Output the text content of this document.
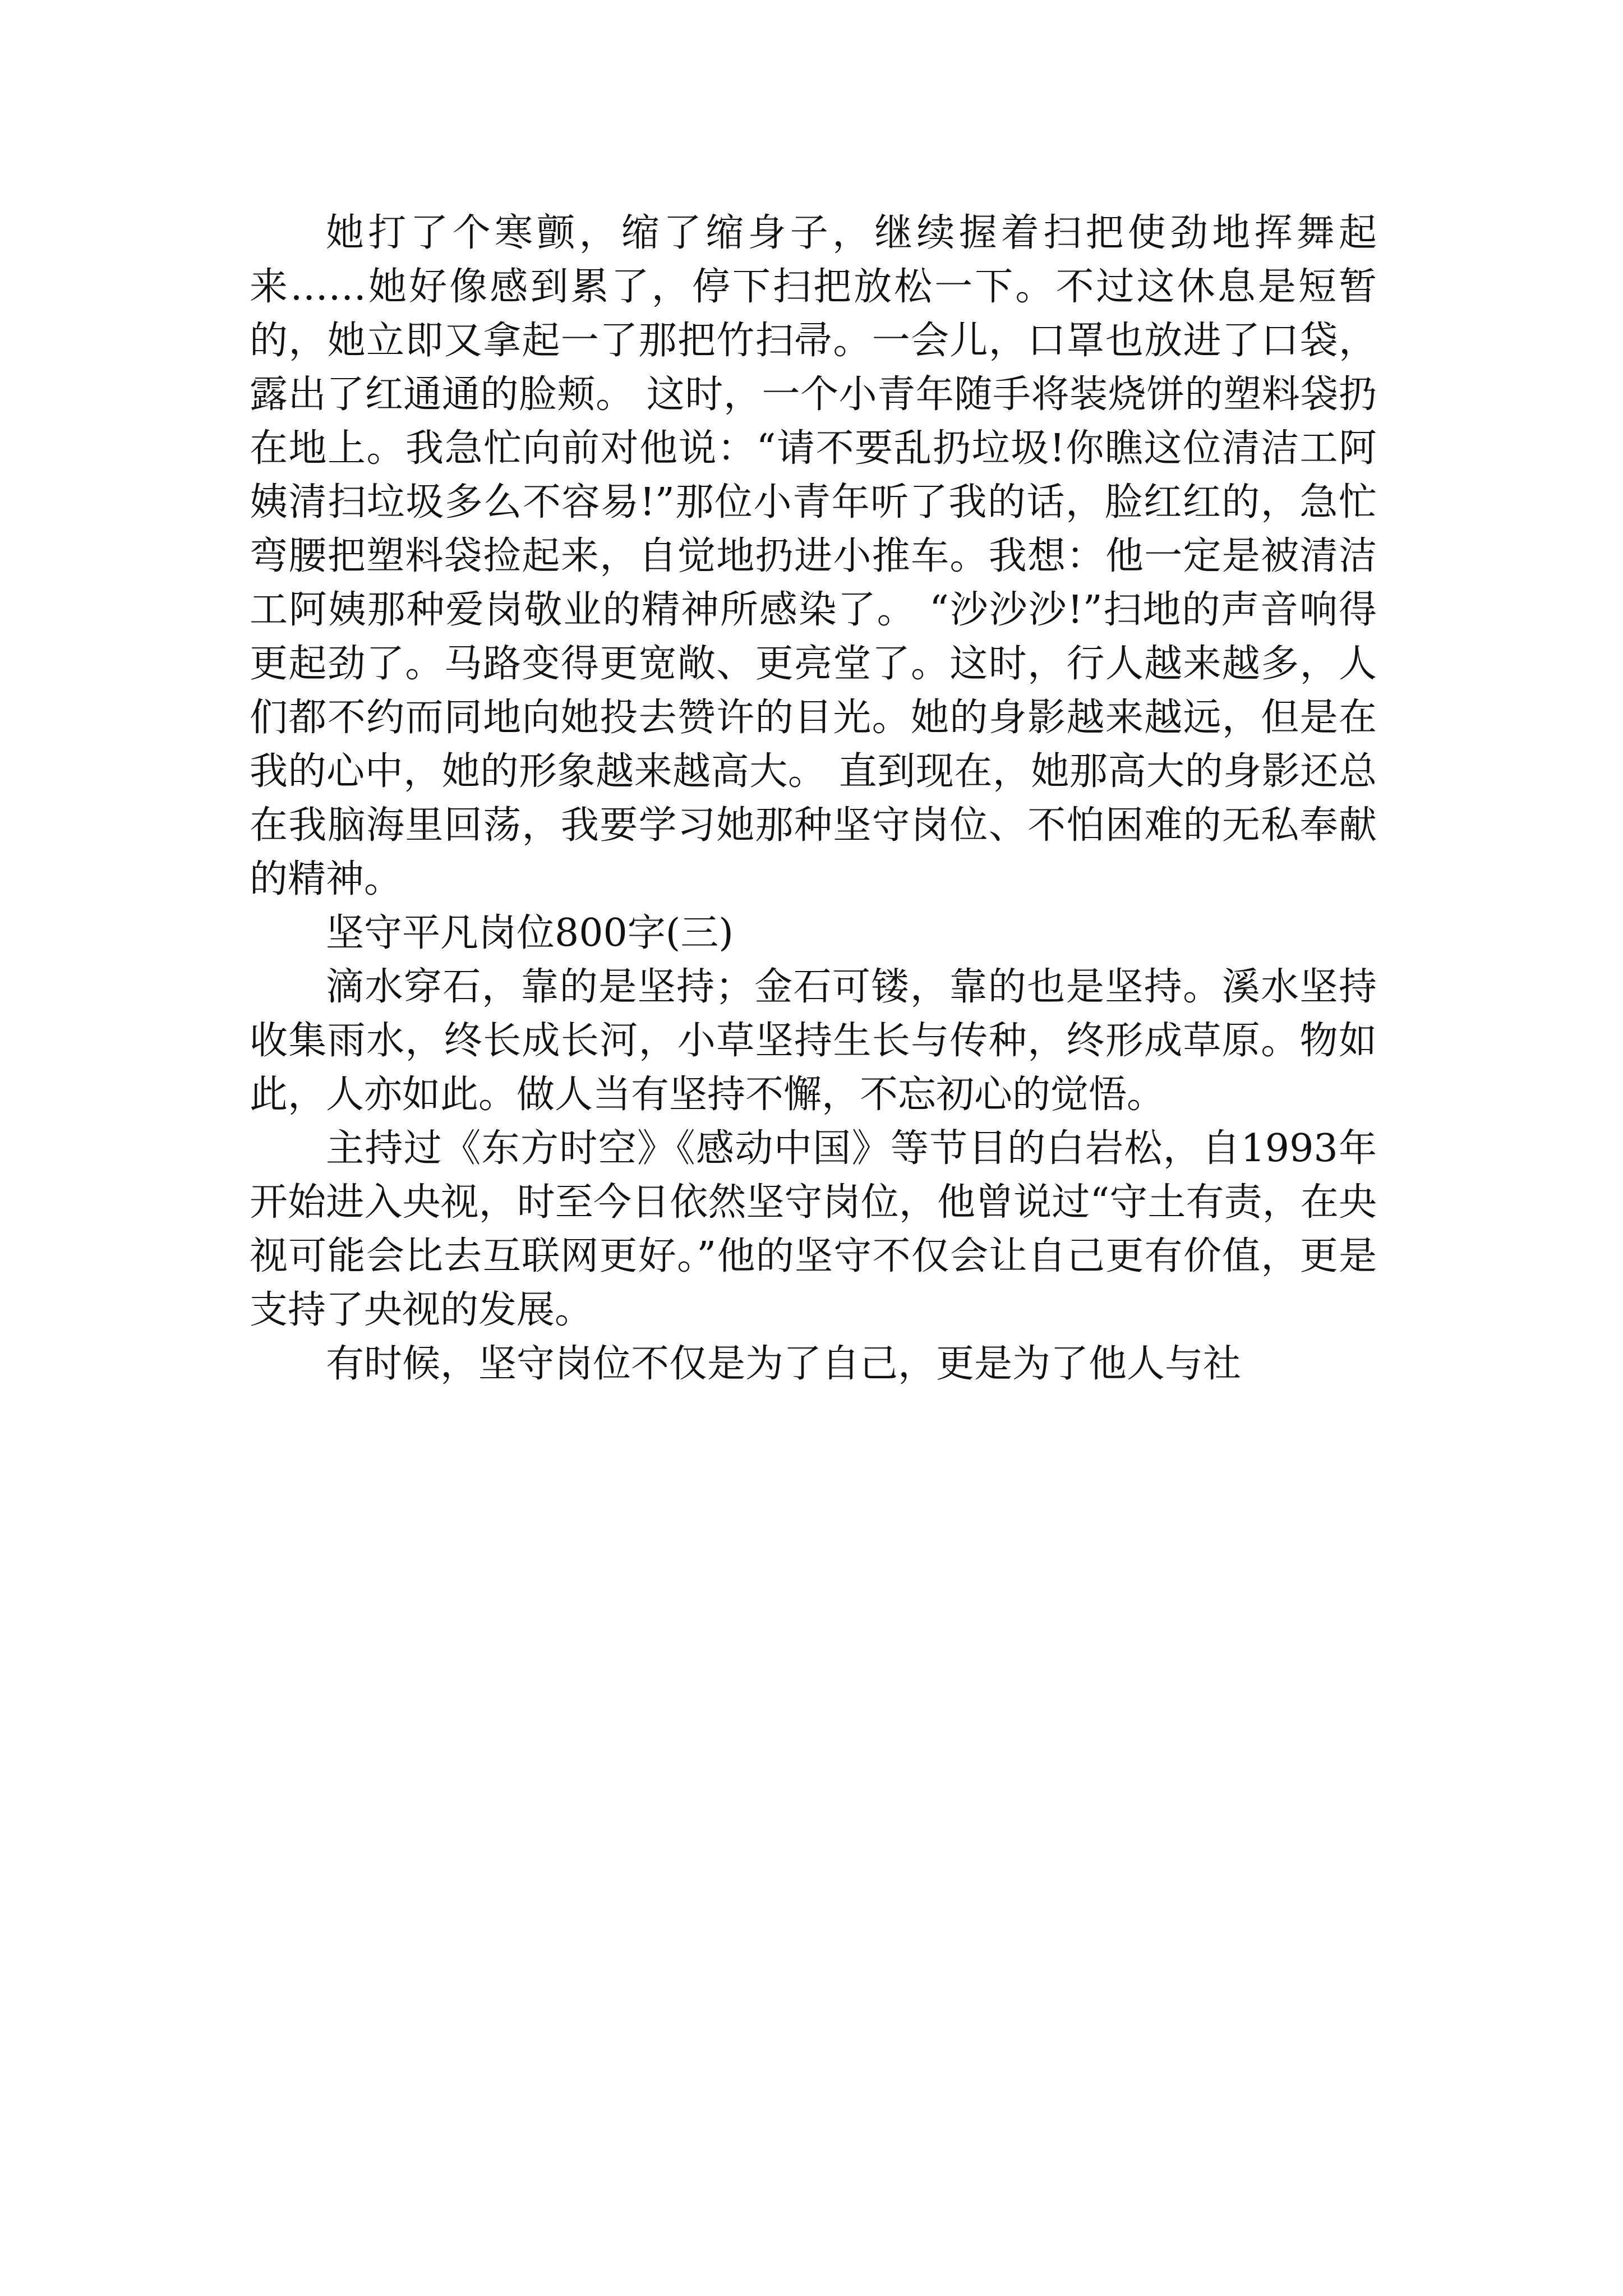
她打了个寒颤，缩了缩身子，继续握着扫把使劲地挥舞起来……她好像感到累了，停下扫把放松一下。不过这休息是短暂的，她立即又拿起一了那把竹扫帚。一会儿，口罩也放进了口袋，露出了红通通的脸颊。 这时，一个小青年随手将装烧饼的塑料袋扔在地上。我急忙向前对他说：“请不要乱扔垃圾!你瞧这位清洁工阿姨清扫垃圾多么不容易!”那位小青年听了我的话，脸红红的，急忙弯腰把塑料袋捡起来，自觉地扔进小推车。我想：他一定是被清洁工阿姨那种爱岗敬业的精神所感染了。 “沙沙沙!”扫地的声音响得更起劲了。马路变得更宽敞、更亮堂了。这时，行人越来越多，人们都不约而同地向她投去赞许的目光。她的身影越来越远，但是在我的心中，她的形象越来越高大。 直到现在，她那高大的身影还总在我脑海里回荡，我要学习她那种坚守岗位、不怕困难的无私奉献的精神。

坚守平凡岗位800字(三)

滴水穿石，靠的是坚持；金石可镂，靠的也是坚持。溪水坚持收集雨水，终长成长河，小草坚持生长与传种，终形成草原。物如此，人亦如此。做人当有坚持不懈，不忘初心的觉悟。

主持过《东方时空》《感动中国》等节目的白岩松，自1993年开始进入央视，时至今日依然坚守岗位，他曾说过“守土有责，在央视可能会比去互联网更好。”他的坚守不仅会让自己更有价值，更是支持了央视的发展。

有时候，坚守岗位不仅是为了自己，更是为了他人与社
